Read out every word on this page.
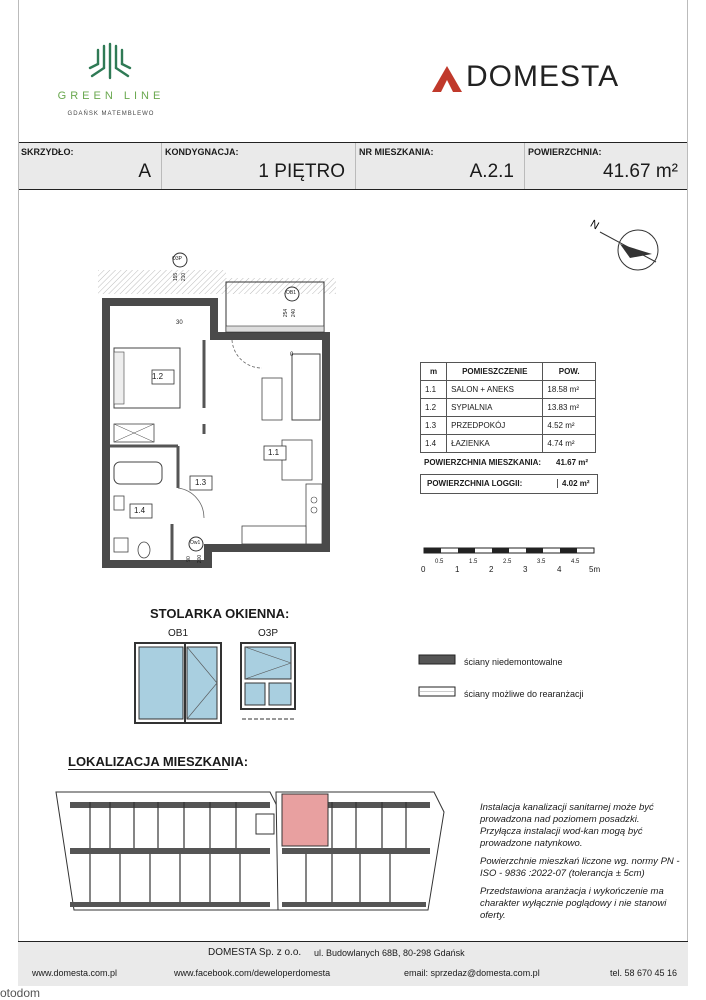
GREEN LINE
GDAŃSK MATEMBLEWO
DOMESTA
SKRZYDŁO:
A
KONDYGNACJA:
1 PIĘTRO
NR MIESZKANIA:
A.2.1
POWIERZCHNIA:
41.67 m²
N
1.2
1.1
1.3
1.4
O3P
OB1
Ow1
155 210
30
254 240
0
90 200
m	POMIESZCZENIE	POW.
1.1	SALON + ANEKS	18.58 m²
1.2	SYPIALNIA	13.83 m²
1.3	PRZEDPOKÓJ	4.52 m²
1.4	ŁAZIENKA	4.74 m²
POWIERZCHNIA MIESZKANIA: 41.67 m²
POWIERZCHNIA LOGGII:	4.02 m²
0
0.5
1
1.5
2
2.5
3
3.5
4
4.5
5m
STOLARKA OKIENNA:
OB1	O3P
ściany niedemontowalne
ściany możliwe do rearanżacji
LOKALIZACJA MIESZKANIA:
Instalacja kanalizacji sanitarnej może być prowadzona nad poziomem posadzki.
Przyłącza instalacji wod-kan mogą być prowadzone natynkowo.
Powierzchnie mieszkań liczone wg. normy PN - ISO - 9836 :2022-07 (tolerancja ± 5cm)
Przedstawiona aranżacja i wykończenie ma charakter wyłącznie poglądowy i nie stanowi oferty.
DOMESTA Sp. z o.o. ul. Budowlanych 68B, 80-298 Gdańsk
www.domesta.com.pl	www.facebook.com/deweloperdomesta	email: sprzedaz@domesta.com.pl	tel. 58 670 45 16
otodom
